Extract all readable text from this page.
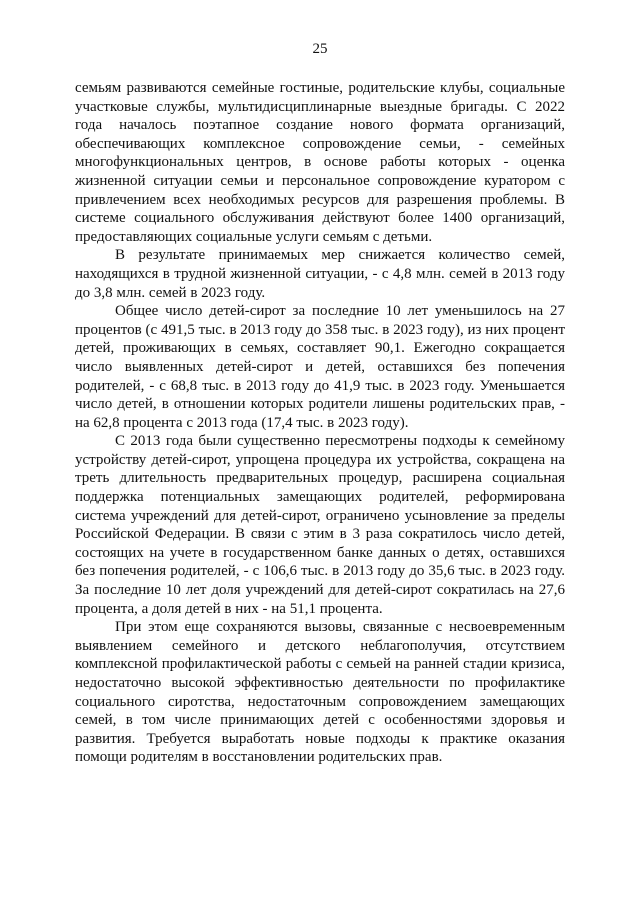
25

семьям развиваются семейные гостиные, родительские клубы, социальные участковые службы, мультидисциплинарные выездные бригады. С 2022 года началось поэтапное создание нового формата организаций, обеспечивающих комплексное сопровождение семьи, - семейных многофункциональных центров, в основе работы которых - оценка жизненной ситуации семьи и персональное сопровождение куратором с привлечением всех необходимых ресурсов для разрешения проблемы. В системе социального обслуживания действуют более 1400 организаций, предоставляющих социальные услуги семьям с детьми.

В результате принимаемых мер снижается количество семей, находящихся в трудной жизненной ситуации, - с 4,8 млн. семей в 2013 году до 3,8 млн. семей в 2023 году.

Общее число детей-сирот за последние 10 лет уменьшилось на 27 процентов (с 491,5 тыс. в 2013 году до 358 тыс. в 2023 году), из них процент детей, проживающих в семьях, составляет 90,1. Ежегодно сокращается число выявленных детей-сирот и детей, оставшихся без попечения родителей, - с 68,8 тыс. в 2013 году до 41,9 тыс. в 2023 году. Уменьшается число детей, в отношении которых родители лишены родительских прав, - на 62,8 процента с 2013 года (17,4 тыс. в 2023 году).

С 2013 года были существенно пересмотрены подходы к семейному устройству детей-сирот, упрощена процедура их устройства, сокращена на треть длительность предварительных процедур, расширена социальная поддержка потенциальных замещающих родителей, реформирована система учреждений для детей-сирот, ограничено усыновление за пределы Российской Федерации. В связи с этим в 3 раза сократилось число детей, состоящих на учете в государственном банке данных о детях, оставшихся без попечения родителей, - с 106,6 тыс. в 2013 году до 35,6 тыс. в 2023 году. За последние 10 лет доля учреждений для детей-сирот сократилась на 27,6 процента, а доля детей в них - на 51,1 процента.

При этом еще сохраняются вызовы, связанные с несвоевременным выявлением семейного и детского неблагополучия, отсутствием комплексной профилактической работы с семьей на ранней стадии кризиса, недостаточно высокой эффективностью деятельности по профилактике социального сиротства, недостаточным сопровождением замещающих семей, в том числе принимающих детей с особенностями здоровья и развития. Требуется выработать новые подходы к практике оказания помощи родителям в восстановлении родительских прав.
